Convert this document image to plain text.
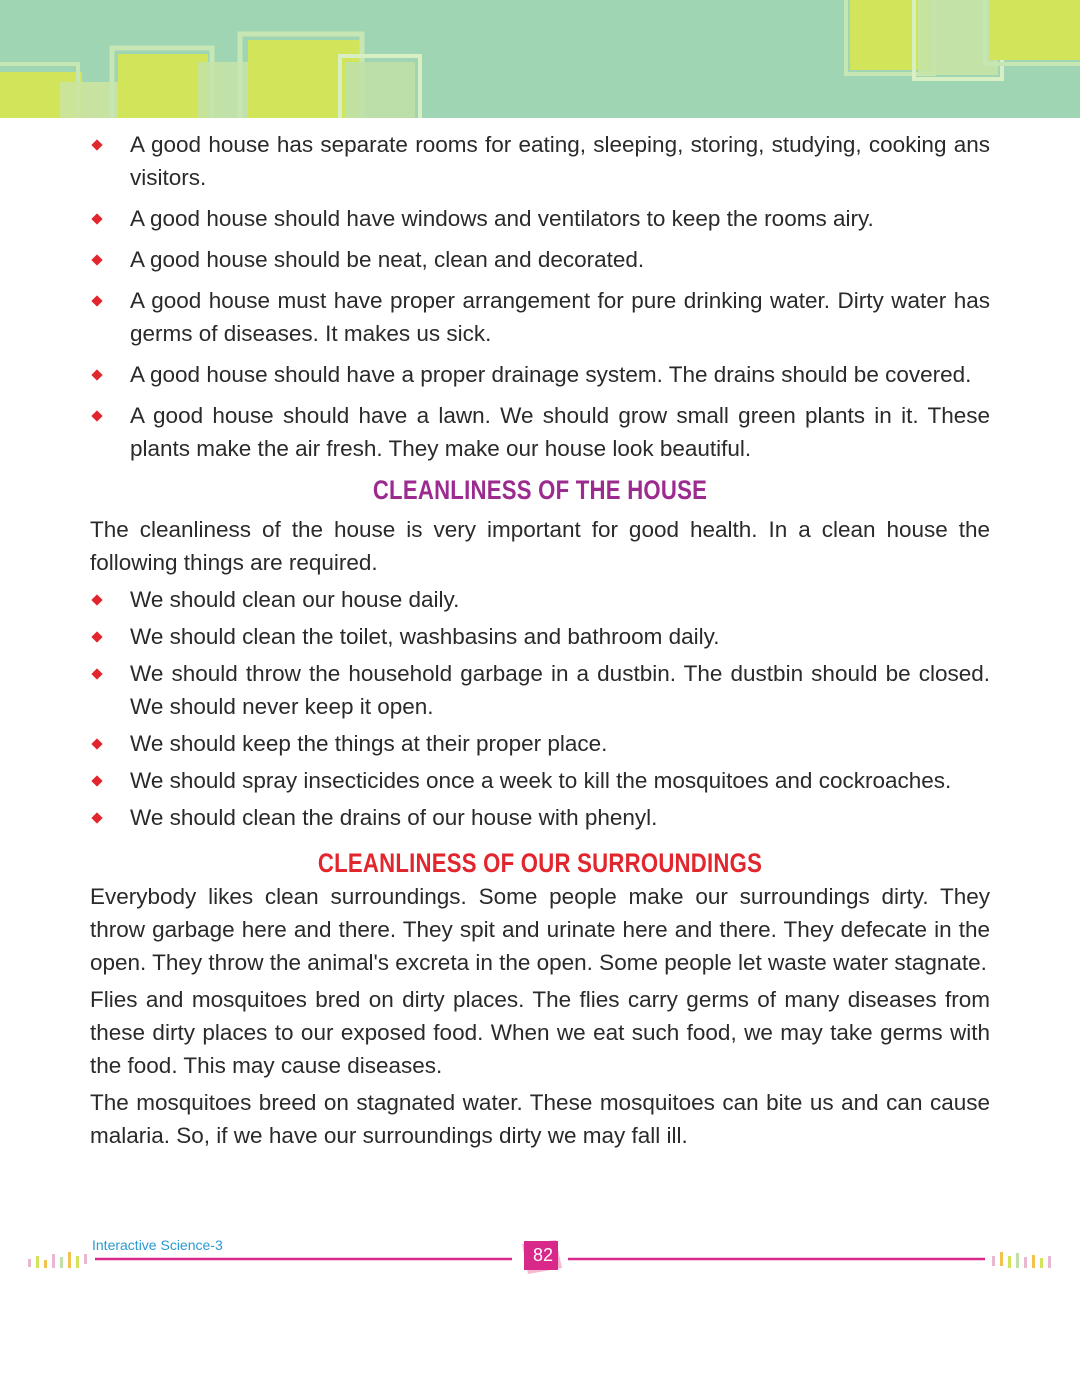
A good house has separate rooms for eating, sleeping, storing, studying, cooking ans visitors.
A good house should have windows and ventilators to keep the rooms airy.
A good house should be neat, clean and decorated.
A good house must have proper arrangement for pure drinking water. Dirty water has germs of diseases. It makes us sick.
A good house should have a proper drainage system. The drains should be covered.
A good house should have a lawn. We should grow small green plants in it. These plants make the air fresh. They make our house look beautiful.
CLEANLINESS OF THE HOUSE

The cleanliness of the house is very important for good health. In a clean house the following things are required.

We should clean our house daily.
We should clean the toilet, washbasins and bathroom daily.
We should throw the household garbage in a dustbin. The dustbin should be closed. We should never keep it open.
We should keep the things at their proper place.
We should spray insecticides once a week to kill the mosquitoes and cockroaches.
We should clean the drains of our house with phenyl.
CLEANLINESS OF OUR SURROUNDINGS

Everybody likes clean surroundings. Some people make our surroundings dirty. They throw garbage here and there. They spit and urinate here and there. They defecate in the open. They throw the animal's excreta in the open. Some people let waste water stagnate.

Flies and mosquitoes bred on dirty places. The flies carry germs of many diseases from these dirty places to our exposed food. When we eat such food, we may take germs with the food. This may cause diseases.

The mosquitoes breed on stagnated water. These mosquitoes can bite us and can cause malaria. So, if we have our surroundings dirty we may fall ill.

Interactive Science-3	82
